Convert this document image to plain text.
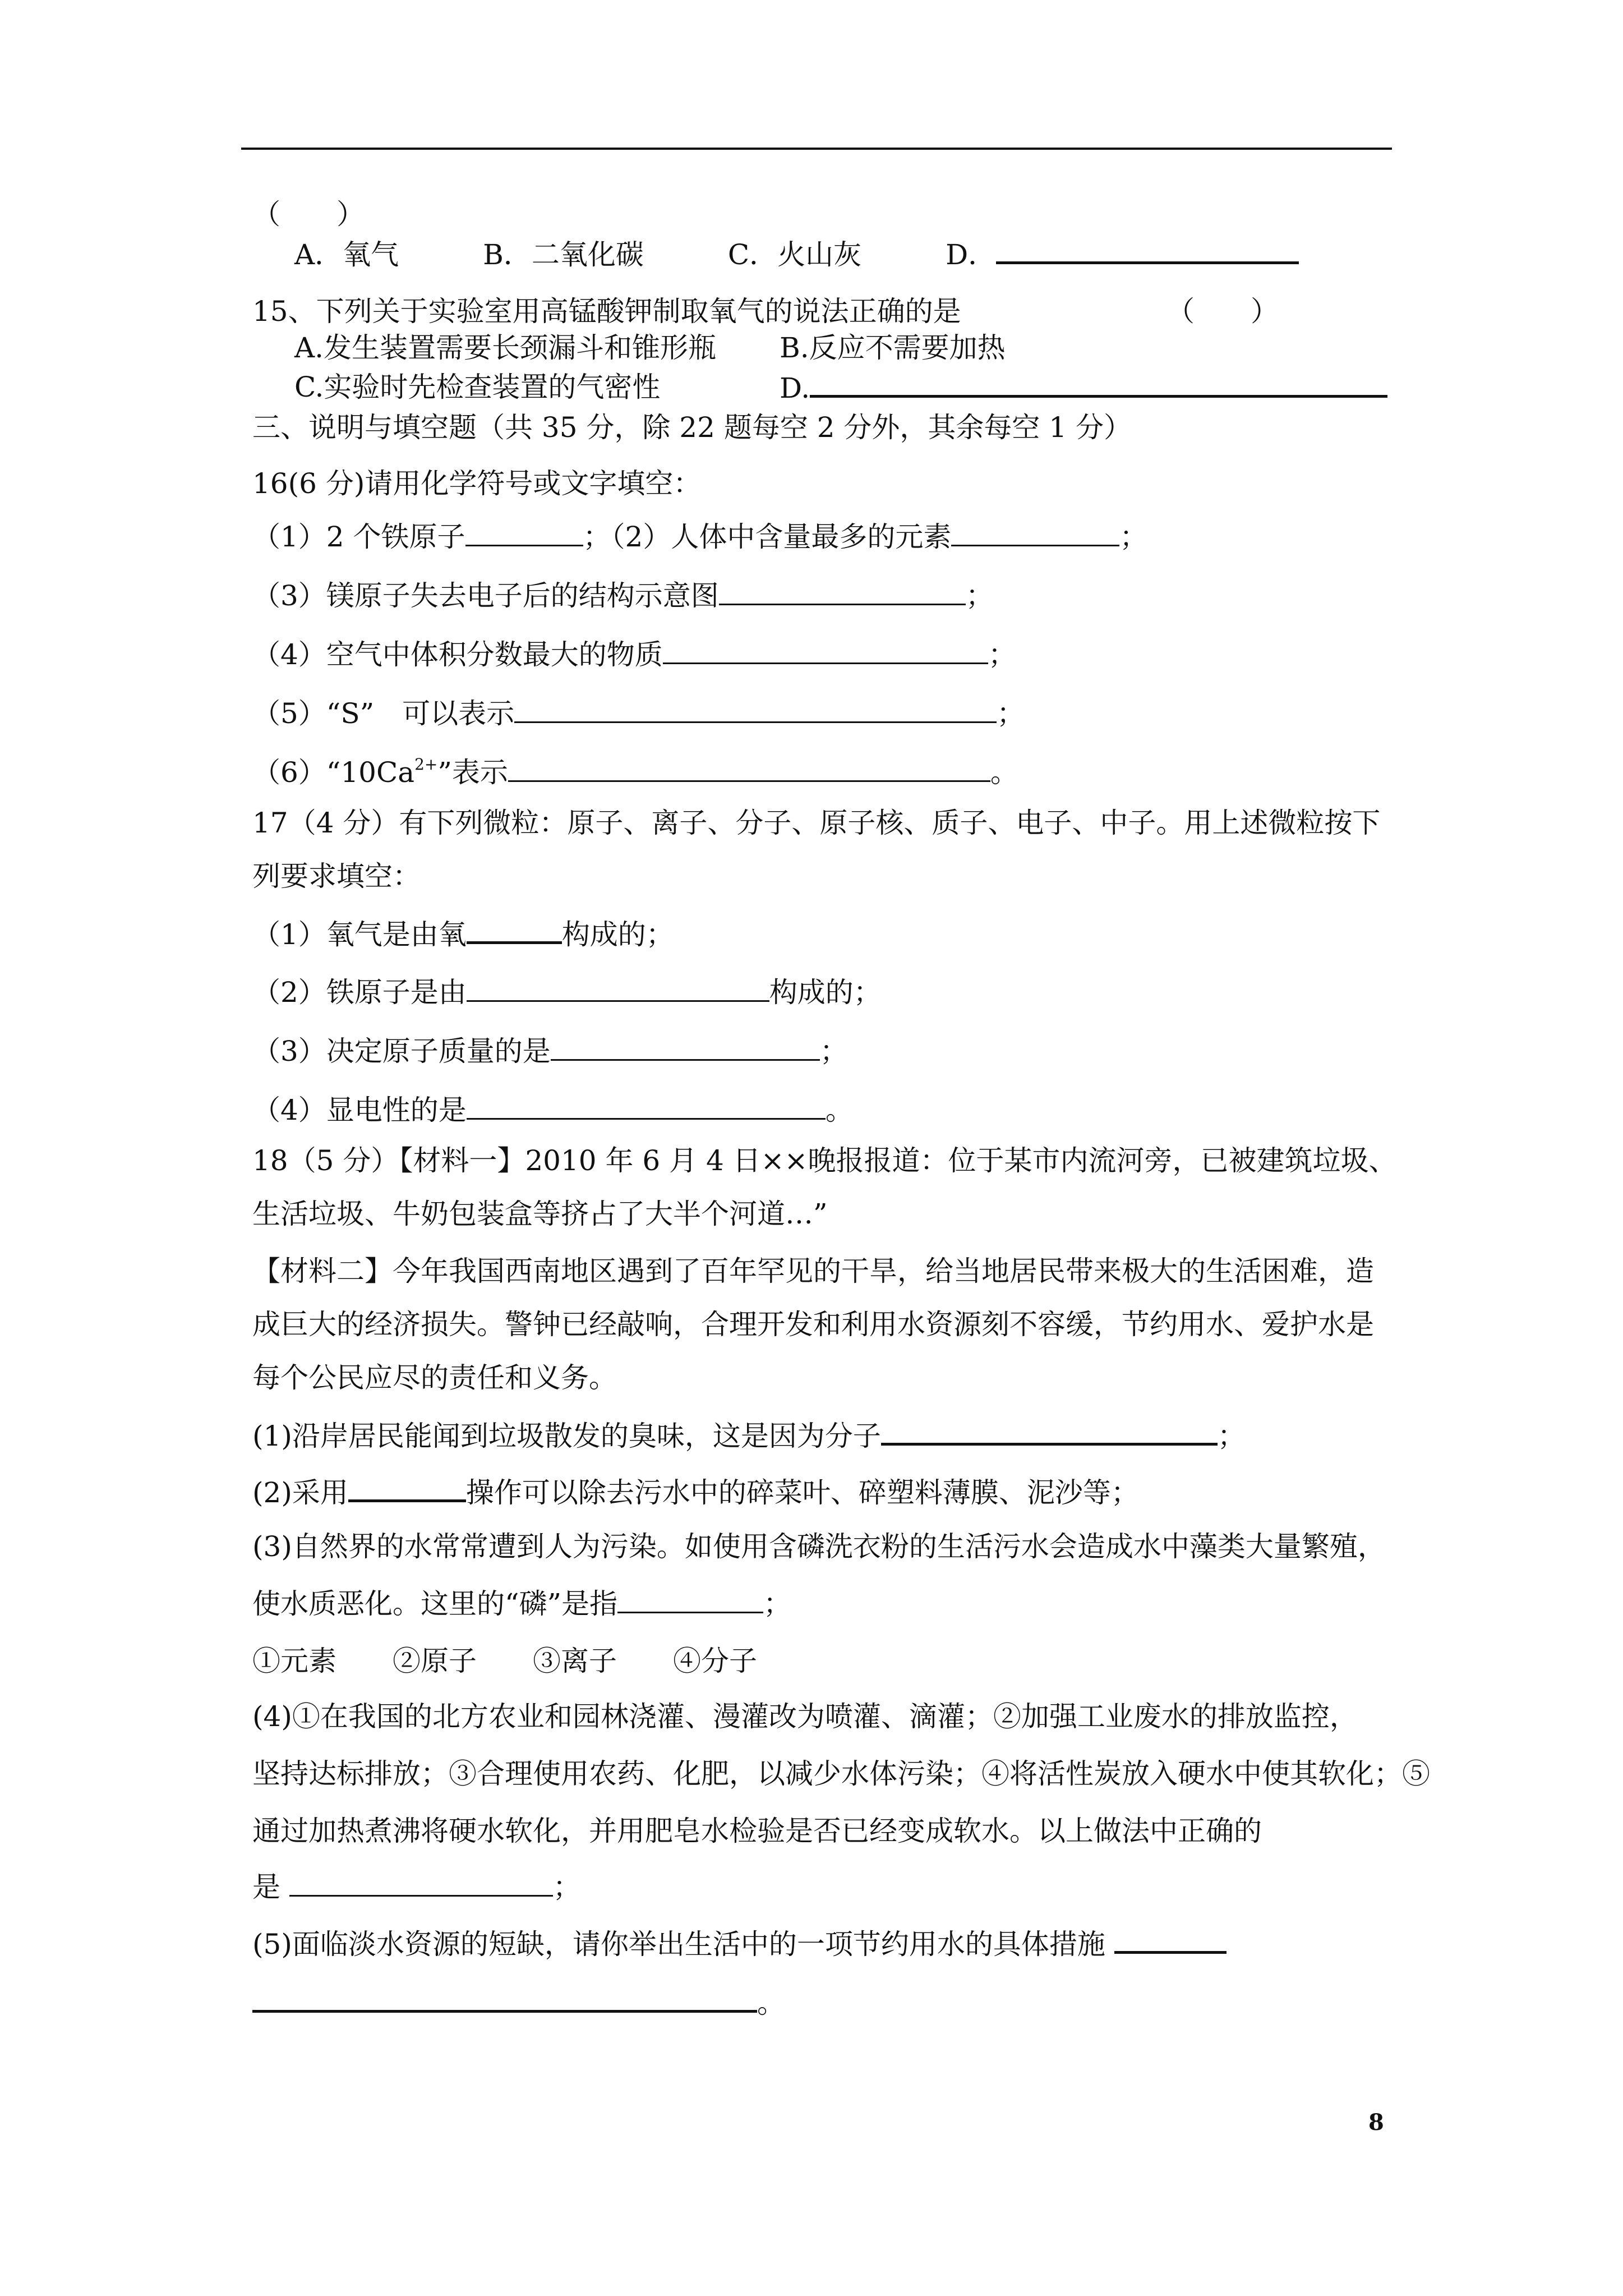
（　　）
A．氧气　　　	B．二氧化碳　　　	C．火山灰　　　	D．
15、下列关于实验室用高锰酸钾制取氧气的说法正确的是	（　　）
A.发生装置需要长颈漏斗和锥形瓶 B.反应不需要加热
C.实验时先检查装置的气密性	D.
三、说明与填空题（共 35 分，除 22 题每空 2 分外，其余每空 1 分）
16(6 分)请用化学符号或文字填空：
（1）2 个铁原子	；（2）人体中含量最多的元素	；
（3）镁原子失去电子后的结构示意图	；
（4）空气中体积分数最大的物质	；
（5）“S”　可以表示	；
$(6)“10Ca^{2+}$”表示	。
17（4 分）有下列微粒：原子、离子、分子、原子核、质子、电子、中子。用上述微粒按下
列要求填空：
（1）氧气是由氧	构成的；
（2）铁原子是由	构成的；
（3）决定原子质量的是	；
（4）显电性的是	。
18（5 分）【材料一】2010 年 6 月 4 日××晚报报道：位于某市内流河旁，已被建筑垃圾、
生活垃圾、牛奶包装盒等挤占了大半个河道…”
【材料二】今年我国西南地区遇到了百年罕见的干旱，给当地居民带来极大的生活困难，造
成巨大的经济损失。警钟已经敲响，合理开发和利用水资源刻不容缓，节约用水、爱护水是
每个公民应尽的责任和义务。
(1)沿岸居民能闻到垃圾散发的臭味，这是因为分子	；
(2)采用	操作可以除去污水中的碎菜叶、碎塑料薄膜、泥沙等；
(3)自然界的水常常遭到人为污染。如使用含磷洗衣粉的生活污水会造成水中藻类大量繁殖，
使水质恶化。这里的“磷”是指	；
①元素　　②原子　　③离子　　④分子
(4)①在我国的北方农业和园林浇灌、漫灌改为喷灌、滴灌；②加强工业废水的排放监控，
坚持达标排放；③合理使用农药、化肥，以减少水体污染；④将活性炭放入硬水中使其软化；⑤
通过加热煮沸将硬水软化，并用肥皂水检验是否已经变成软水。以上做法中正确的
是	；
(5)面临淡水资源的短缺，请你举出生活中的一项节约用水的具体措施
。
8
